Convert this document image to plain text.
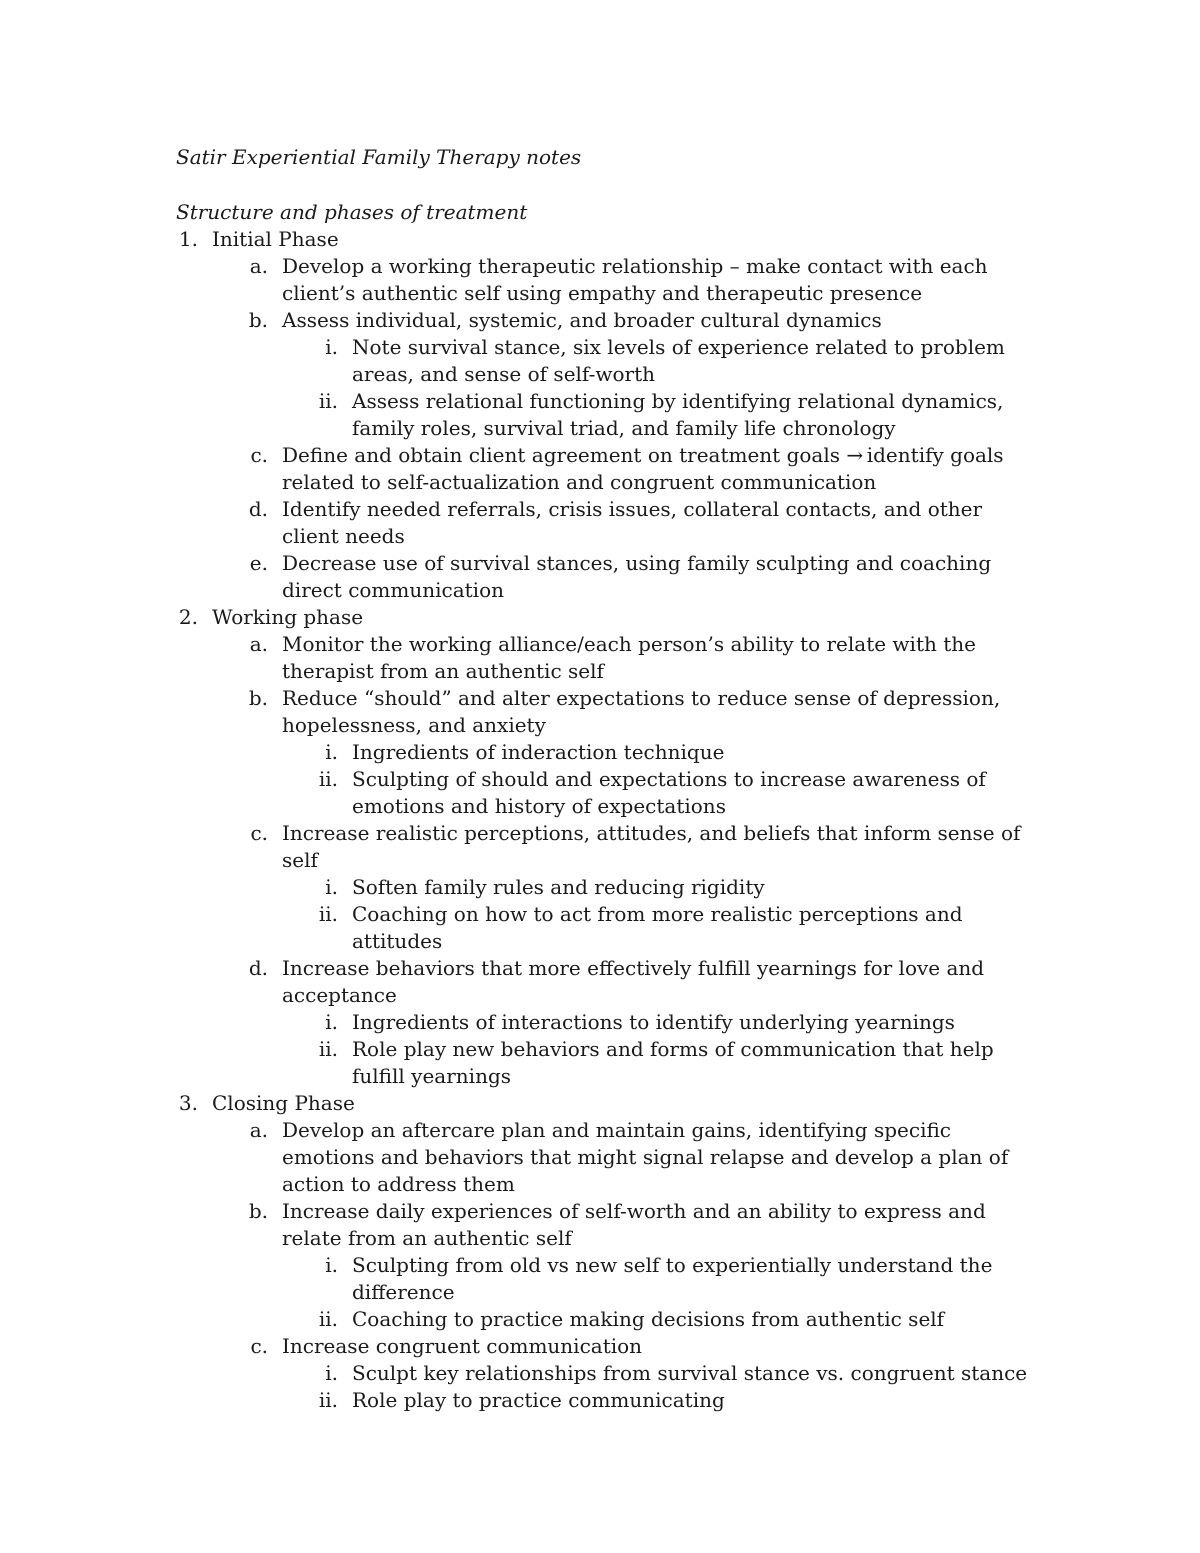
Satir Experiential Family Therapy notes
Structure and phases of treatment
1. Initial Phase
a. Develop a working therapeutic relationship – make contact with each client’s authentic self using empathy and therapeutic presence
b. Assess individual, systemic, and broader cultural dynamics
i. Note survival stance, six levels of experience related to problem areas, and sense of self-worth
ii. Assess relational functioning by identifying relational dynamics, family roles, survival triad, and family life chronology
c. Define and obtain client agreement on treatment goals → identify goals related to self-actualization and congruent communication
d. Identify needed referrals, crisis issues, collateral contacts, and other client needs
e. Decrease use of survival stances, using family sculpting and coaching direct communication
2. Working phase
a. Monitor the working alliance/each person’s ability to relate with the therapist from an authentic self
b. Reduce “should” and alter expectations to reduce sense of depression, hopelessness, and anxiety
i. Ingredients of inderaction technique
ii. Sculpting of should and expectations to increase awareness of emotions and history of expectations
c. Increase realistic perceptions, attitudes, and beliefs that inform sense of self
i. Soften family rules and reducing rigidity
ii. Coaching on how to act from more realistic perceptions and attitudes
d. Increase behaviors that more effectively fulfill yearnings for love and acceptance
i. Ingredients of interactions to identify underlying yearnings
ii. Role play new behaviors and forms of communication that help fulfill yearnings
3. Closing Phase
a. Develop an aftercare plan and maintain gains, identifying specific emotions and behaviors that might signal relapse and develop a plan of action to address them
b. Increase daily experiences of self-worth and an ability to express and relate from an authentic self
i. Sculpting from old vs new self to experientially understand the difference
ii. Coaching to practice making decisions from authentic self
c. Increase congruent communication
i. Sculpt key relationships from survival stance vs. congruent stance
ii. Role play to practice communicating
